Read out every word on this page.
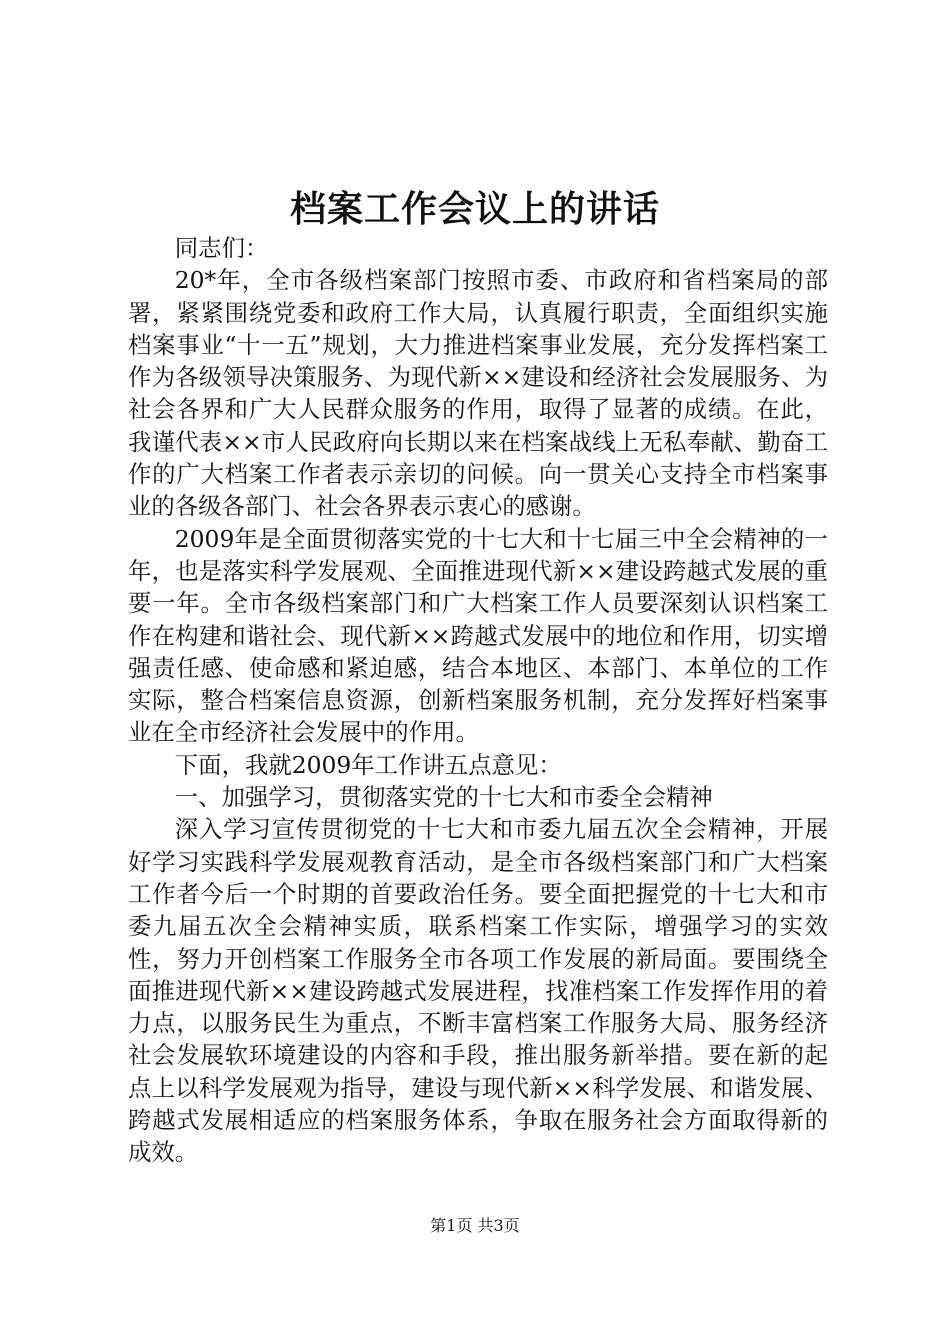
档案工作会议上的讲话

同志们：

20*年，全市各级档案部门按照市委、市政府和省档案局的部署，紧紧围绕党委和政府工作大局，认真履行职责，全面组织实施档案事业“十一五”规划，大力推进档案事业发展，充分发挥档案工作为各级领导决策服务、为现代新××建设和经济社会发展服务、为社会各界和广大人民群众服务的作用，取得了显著的成绩。在此，我谨代表××市人民政府向长期以来在档案战线上无私奉献、勤奋工作的广大档案工作者表示亲切的问候。向一贯关心支持全市档案事业的各级各部门、社会各界表示衷心的感谢。

2009年是全面贯彻落实党的十七大和十七届三中全会精神的一年，也是落实科学发展观、全面推进现代新××建设跨越式发展的重要一年。全市各级档案部门和广大档案工作人员要深刻认识档案工作在构建和谐社会、现代新××跨越式发展中的地位和作用，切实增强责任感、使命感和紧迫感，结合本地区、本部门、本单位的工作实际，整合档案信息资源，创新档案服务机制，充分发挥好档案事业在全市经济社会发展中的作用。

下面，我就2009年工作讲五点意见：

一、加强学习，贯彻落实党的十七大和市委全会精神

深入学习宣传贯彻党的十七大和市委九届五次全会精神，开展好学习实践科学发展观教育活动，是全市各级档案部门和广大档案工作者今后一个时期的首要政治任务。要全面把握党的十七大和市委九届五次全会精神实质，联系档案工作实际，增强学习的实效性，努力开创档案工作服务全市各项工作发展的新局面。要围绕全面推进现代新××建设跨越式发展进程，找准档案工作发挥作用的着力点，以服务民生为重点，不断丰富档案工作服务大局、服务经济社会发展软环境建设的内容和手段，推出服务新举措。要在新的起点上以科学发展观为指导，建设与现代新××科学发展、和谐发展、跨越式发展相适应的档案服务体系，争取在服务社会方面取得新的成效。

第1页 共3页
